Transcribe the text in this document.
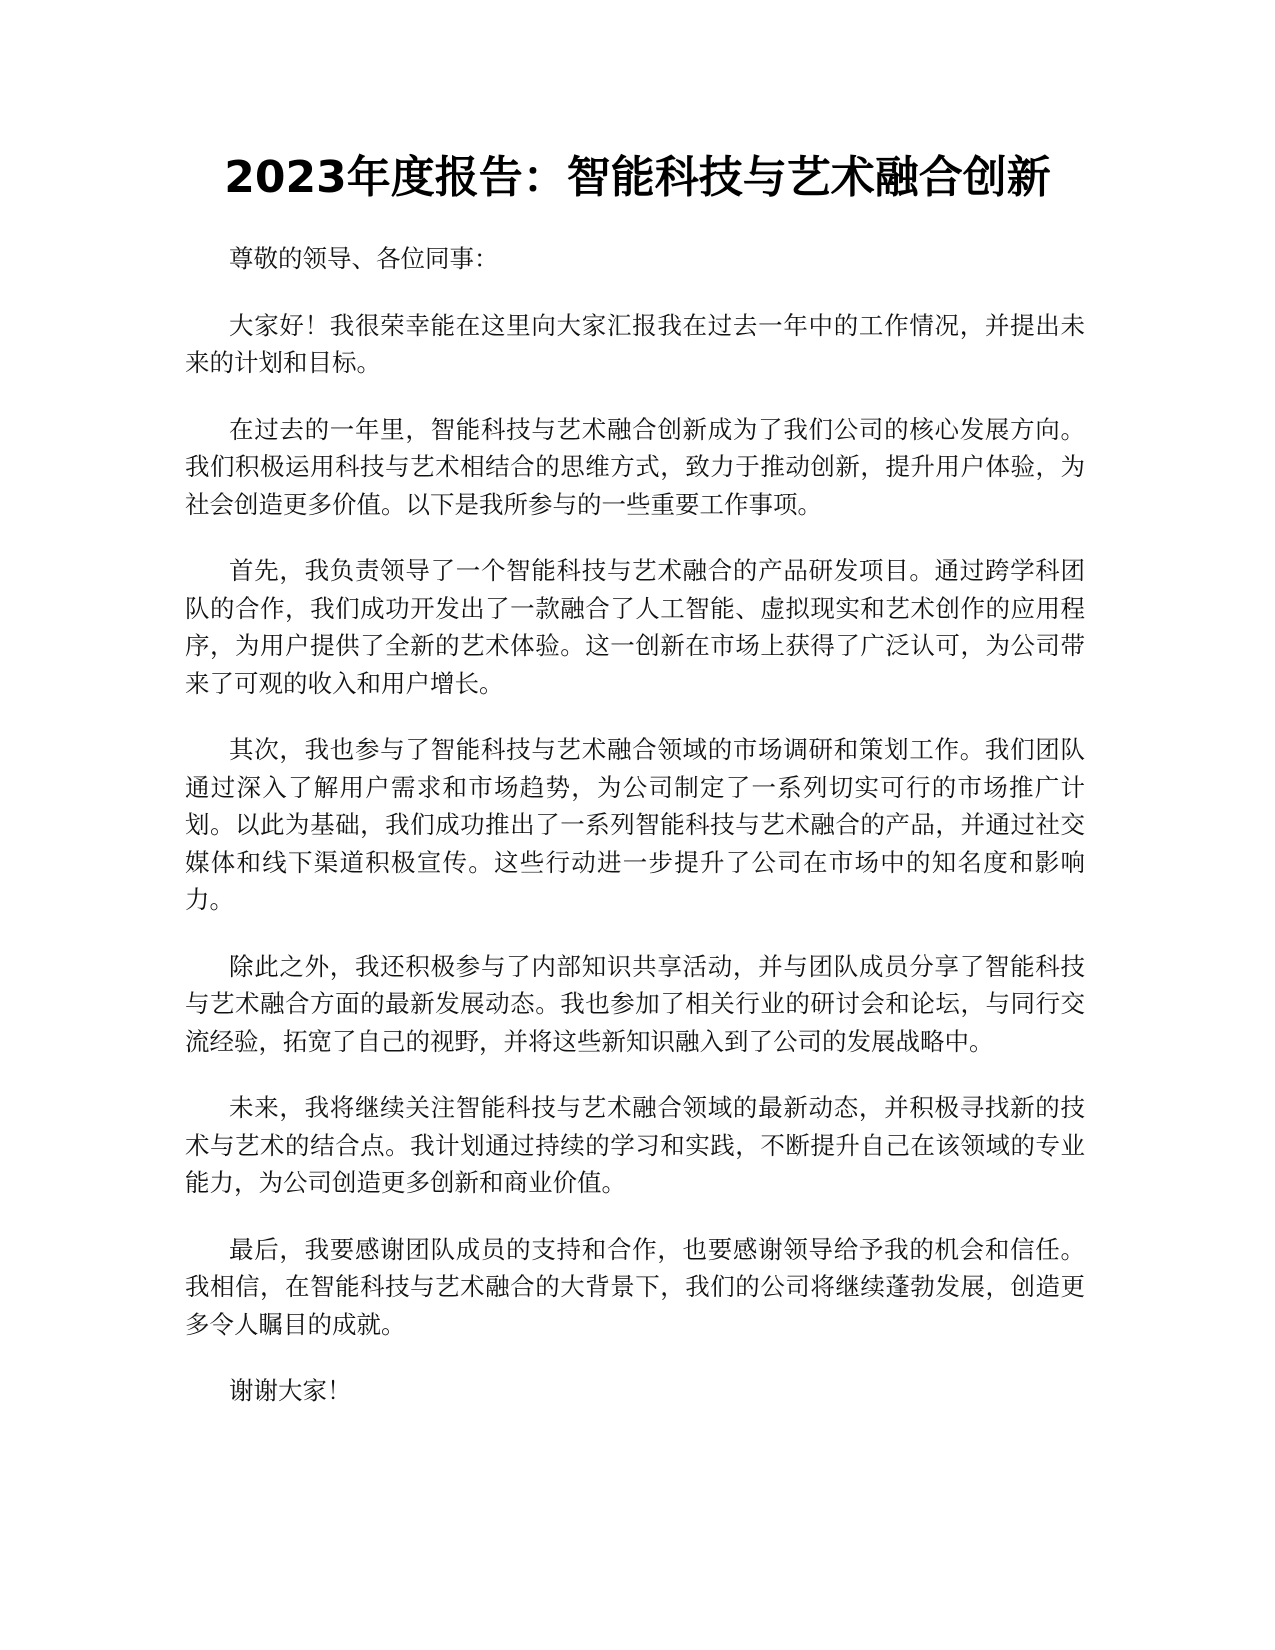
2023年度报告：智能科技与艺术融合创新

尊敬的领导、各位同事：

大家好！我很荣幸能在这里向大家汇报我在过去一年中的工作情况，并提出未来的计划和目标。

在过去的一年里，智能科技与艺术融合创新成为了我们公司的核心发展方向。我们积极运用科技与艺术相结合的思维方式，致力于推动创新，提升用户体验，为社会创造更多价值。以下是我所参与的一些重要工作事项。

首先，我负责领导了一个智能科技与艺术融合的产品研发项目。通过跨学科团队的合作，我们成功开发出了一款融合了人工智能、虚拟现实和艺术创作的应用程序，为用户提供了全新的艺术体验。这一创新在市场上获得了广泛认可，为公司带来了可观的收入和用户增长。

其次，我也参与了智能科技与艺术融合领域的市场调研和策划工作。我们团队通过深入了解用户需求和市场趋势，为公司制定了一系列切实可行的市场推广计划。以此为基础，我们成功推出了一系列智能科技与艺术融合的产品，并通过社交媒体和线下渠道积极宣传。这些行动进一步提升了公司在市场中的知名度和影响力。

除此之外，我还积极参与了内部知识共享活动，并与团队成员分享了智能科技与艺术融合方面的最新发展动态。我也参加了相关行业的研讨会和论坛，与同行交流经验，拓宽了自己的视野，并将这些新知识融入到了公司的发展战略中。

未来，我将继续关注智能科技与艺术融合领域的最新动态，并积极寻找新的技术与艺术的结合点。我计划通过持续的学习和实践，不断提升自己在该领域的专业能力，为公司创造更多创新和商业价值。

最后，我要感谢团队成员的支持和合作，也要感谢领导给予我的机会和信任。我相信，在智能科技与艺术融合的大背景下，我们的公司将继续蓬勃发展，创造更多令人瞩目的成就。

谢谢大家！
